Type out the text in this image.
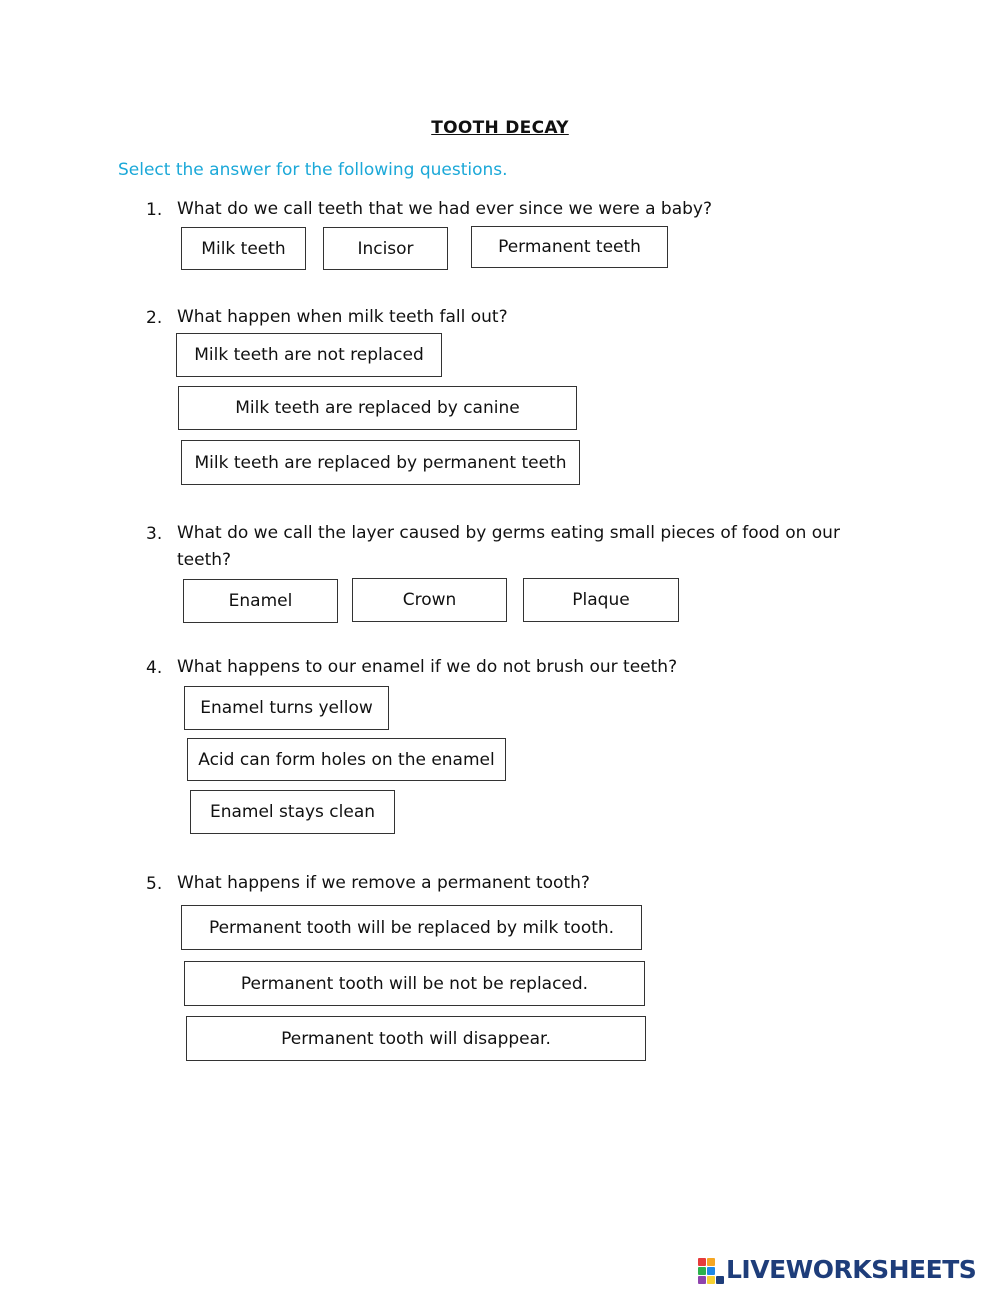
TOOTH DECAY
Select the answer for the following questions.
1. What do we call teeth that we had ever since we were a baby?
Milk teeth	Incisor	Permanent teeth
2. What happen when milk teeth fall out?
Milk teeth are not replaced
Milk teeth are replaced by canine
Milk teeth are replaced by permanent teeth
3. What do we call the layer caused by germs eating small pieces of food on our
teeth?
Enamel	Crown	Plaque
4. What happens to our enamel if we do not brush our teeth?
Enamel turns yellow
Acid can form holes on the enamel
Enamel stays clean
5. What happens if we remove a permanent tooth?
Permanent tooth will be replaced by milk tooth.
Permanent tooth will be not be replaced.
Permanent tooth will disappear.
LIVEWORKSHEETS
